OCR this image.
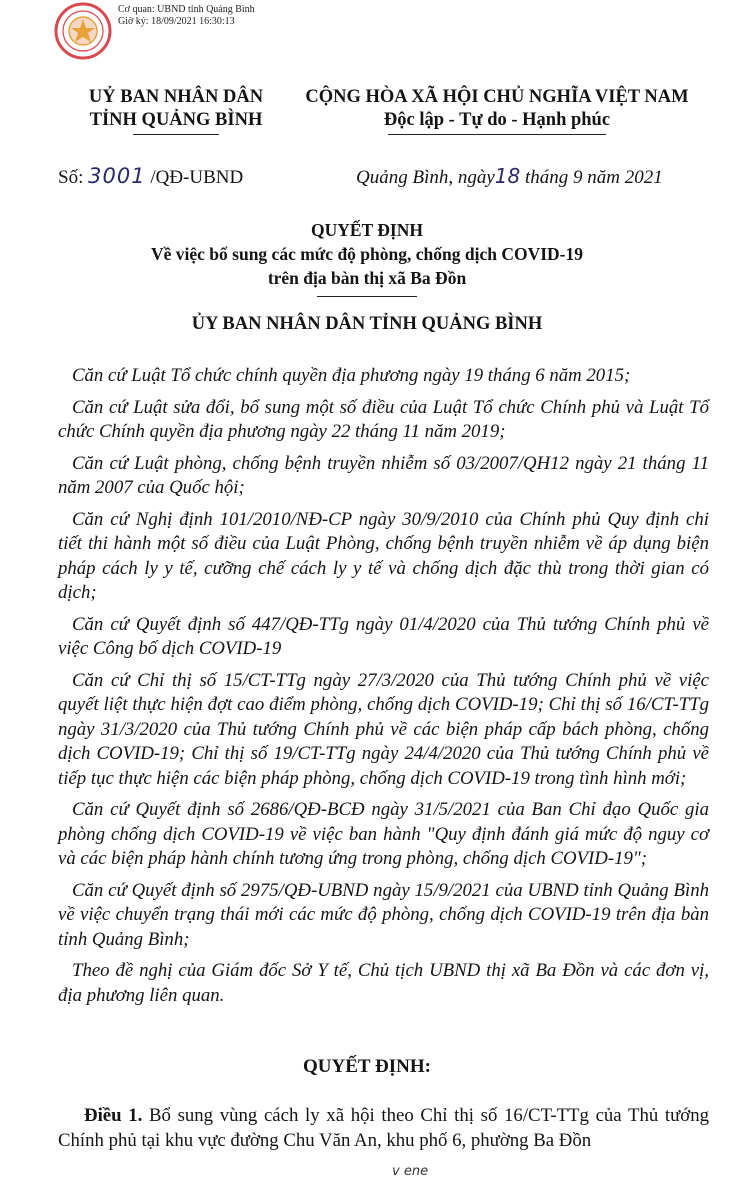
Cơ quan: UBND tỉnh Quảng Bình
Giờ ký: 18/09/2021 16:30:13
UỶ BAN NHÂN DÂN
TỈNH QUẢNG BÌNH
CỘNG HÒA XÃ HỘI CHỦ NGHĨA VIỆT NAM
Độc lập - Tự do - Hạnh phúc
Số: 3001 /QĐ-UBND	Quảng Bình, ngày18 tháng 9 năm 2021
QUYẾT ĐỊNH
Về việc bổ sung các mức độ phòng, chống dịch COVID-19
trên địa bàn thị xã Ba Đồn
ỦY BAN NHÂN DÂN TỈNH QUẢNG BÌNH

Căn cứ Luật Tổ chức chính quyền địa phương ngày 19 tháng 6 năm 2015;

Căn cứ Luật sửa đổi, bổ sung một số điều của Luật Tổ chức Chính phủ và Luật Tổ chức Chính quyền địa phương ngày 22 tháng 11 năm 2019;

Căn cứ Luật phòng, chống bệnh truyền nhiễm số 03/2007/QH12 ngày 21 tháng 11 năm 2007 của Quốc hội;

Căn cứ Nghị định 101/2010/NĐ-CP ngày 30/9/2010 của Chính phủ Quy định chi tiết thi hành một số điều của Luật Phòng, chống bệnh truyền nhiễm về áp dụng biện pháp cách ly y tế, cưỡng chế cách ly y tế và chống dịch đặc thù trong thời gian có dịch;

Căn cứ Quyết định số 447/QĐ-TTg ngày 01/4/2020 của Thủ tướng Chính phủ về việc Công bố dịch COVID-19

Căn cứ Chỉ thị số 15/CT-TTg ngày 27/3/2020 của Thủ tướng Chính phủ về việc quyết liệt thực hiện đợt cao điểm phòng, chống dịch COVID-19; Chỉ thị số 16/CT-TTg ngày 31/3/2020 của Thủ tướng Chính phủ về các biện pháp cấp bách phòng, chống dịch COVID-19; Chỉ thị số 19/CT-TTg ngày 24/4/2020 của Thủ tướng Chính phủ về tiếp tục thực hiện các biện pháp phòng, chống dịch COVID-19 trong tình hình mới;

Căn cứ Quyết định số 2686/QĐ-BCĐ ngày 31/5/2021 của Ban Chỉ đạo Quốc gia phòng chống dịch COVID-19 về việc ban hành "Quy định đánh giá mức độ nguy cơ và các biện pháp hành chính tương ứng trong phòng, chống dịch COVID-19";

Căn cứ Quyết định số 2975/QĐ-UBND ngày 15/9/2021 của UBND tỉnh Quảng Bình về việc chuyển trạng thái mới các mức độ phòng, chống dịch COVID-19 trên địa bàn tỉnh Quảng Bình;

Theo đề nghị của Giám đốc Sở Y tế, Chủ tịch UBND thị xã Ba Đồn và các đơn vị, địa phương liên quan.

QUYẾT ĐỊNH:
Điều 1. Bổ sung vùng cách ly xã hội theo Chỉ thị số 16/CT-TTg của Thủ tướng Chính phủ tại khu vực đường Chu Văn An, khu phố 6, phường Ba Đồn
v ene
